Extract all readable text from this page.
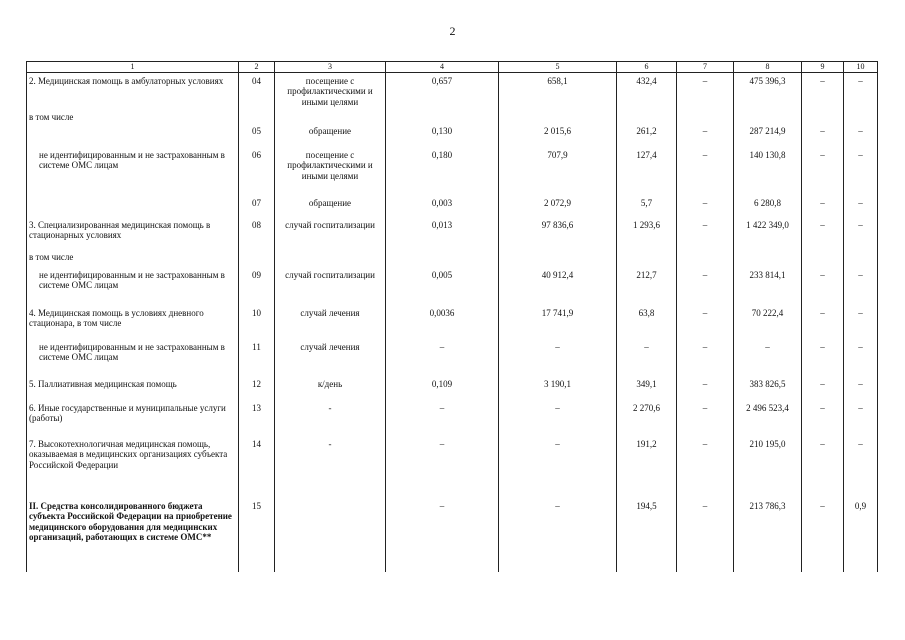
2
1	2	3	4	5	6	7	8	9	10
2. Медицинская помощь в амбулаторных условиях	04	посещение с профилактическими и иными целями	0,657	658,1	432,4	–	475 396,3	–	–
в том числе									
	05	обращение	0,130	2 015,6	261,2	–	287 214,9	–	–
не идентифицированным и не застрахованным в системе ОМС лицам	06	посещение с профилактическими и иными целями	0,180	707,9	127,4	–	140 130,8	–	–
	07	обращение	0,003	2 072,9	5,7	–	6 280,8	–	–
3. Специализированная медицинская помощь в стационарных условиях	08	случай госпитализации	0,013	97 836,6	1 293,6	–	1 422 349,0	–	–
в том числе									
не идентифицированным и не застрахованным в системе ОМС лицам	09	случай госпитализации	0,005	40 912,4	212,7	–	233 814,1	–	–
4. Медицинская помощь в условиях дневного стационара, в том числе	10	случай лечения	0,0036	17 741,9	63,8	–	70 222,4	–	–
не идентифицированным и не застрахованным в системе ОМС лицам	11	случай лечения	–	–	–	–	–	–	–
5. Паллиативная медицинская помощь	12	к/день	0,109	3 190,1	349,1	–	383 826,5	–	–
6. Иные государственные и муниципальные услуги (работы)	13	-	–	–	2 270,6	–	2 496 523,4	–	–
7. Высокотехнологичная медицинская помощь, оказываемая в медицинских организациях субъекта Российской Федерации	14	-	–	–	191,2	–	210 195,0	–	–
II. Средства консолидированного бюджета субъекта Российской Федерации на приобретение медицинского оборудования для медицинских организаций, работающих в системе ОМС**	15		–	–	194,5	–	213 786,3	–	0,9
